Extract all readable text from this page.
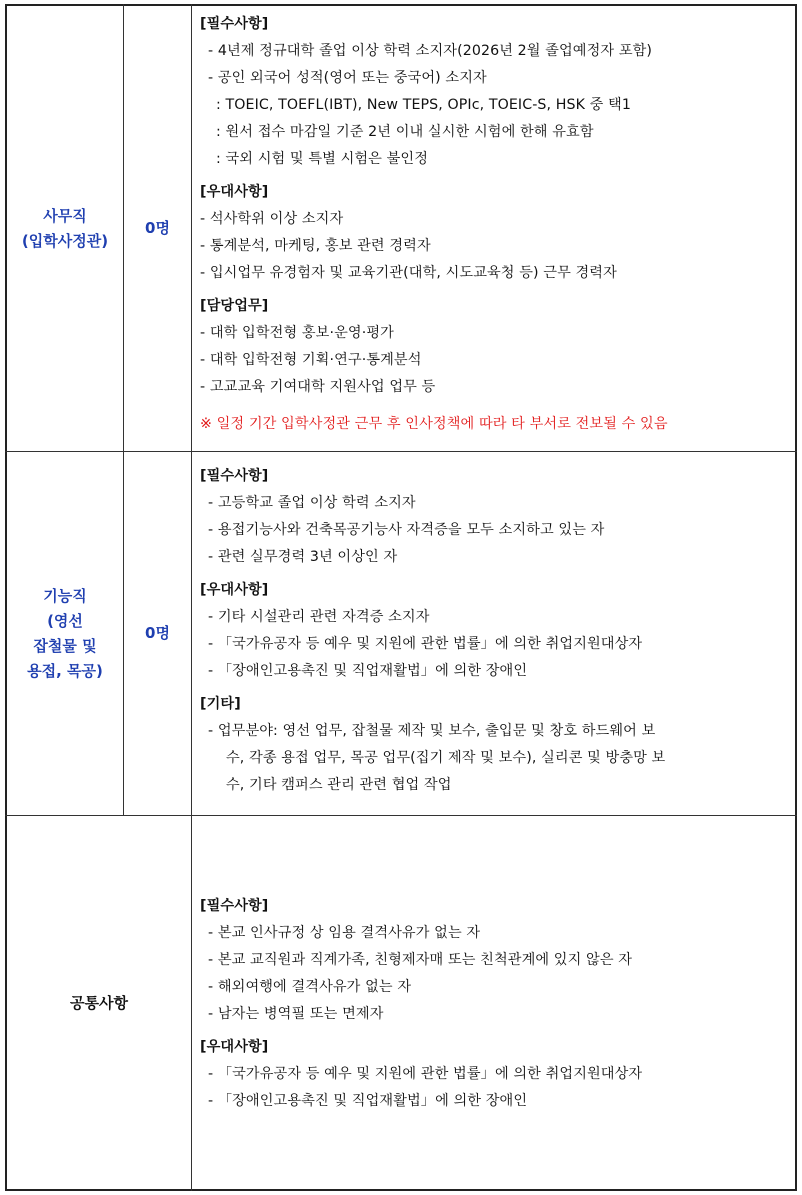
사무직
(입학사정관)
0명
[필수사항]
- 4년제 정규대학 졸업 이상 학력 소지자(2026년 2월 졸업예정자 포함)
- 공인 외국어 성적(영어 또는 중국어) 소지자
: TOEIC, TOEFL(IBT), New TEPS, OPIc, TOEIC-S, HSK 중 택1
: 원서 접수 마감일 기준 2년 이내 실시한 시험에 한해 유효함
: 국외 시험 및 특별 시험은 불인정
[우대사항]
- 석사학위 이상 소지자
- 통계분석, 마케팅, 홍보 관련 경력자
- 입시업무 유경험자 및 교육기관(대학, 시도교육청 등) 근무 경력자
[담당업무]
- 대학 입학전형 홍보·운영·평가
- 대학 입학전형 기획·연구·통계분석
- 고교교육 기여대학 지원사업 업무 등
※ 일정 기간 입학사정관 근무 후 인사정책에 따라 타 부서로 전보될 수 있음
기능직
(영선
잡철물 및
용접, 목공)
0명
[필수사항]
- 고등학교 졸업 이상 학력 소지자
- 용접기능사와 건축목공기능사 자격증을 모두 소지하고 있는 자
- 관련 실무경력 3년 이상인 자
[우대사항]
- 기타 시설관리 관련 자격증 소지자
- 「국가유공자 등 예우 및 지원에 관한 법률」에 의한 취업지원대상자
- 「장애인고용촉진 및 직업재활법」에 의한 장애인
[기타]
- 업무분야: 영선 업무, 잡철물 제작 및 보수, 출입문 및 창호 하드웨어 보
수, 각종 용접 업무, 목공 업무(집기 제작 및 보수), 실리콘 및 방충망 보
수, 기타 캠퍼스 관리 관련 협업 작업
공통사항
[필수사항]
- 본교 인사규정 상 임용 결격사유가 없는 자
- 본교 교직원과 직계가족, 친형제자매 또는 친척관계에 있지 않은 자
- 해외여행에 결격사유가 없는 자
- 남자는 병역필 또는 면제자
[우대사항]
- 「국가유공자 등 예우 및 지원에 관한 법률」에 의한 취업지원대상자
- 「장애인고용촉진 및 직업재활법」에 의한 장애인
